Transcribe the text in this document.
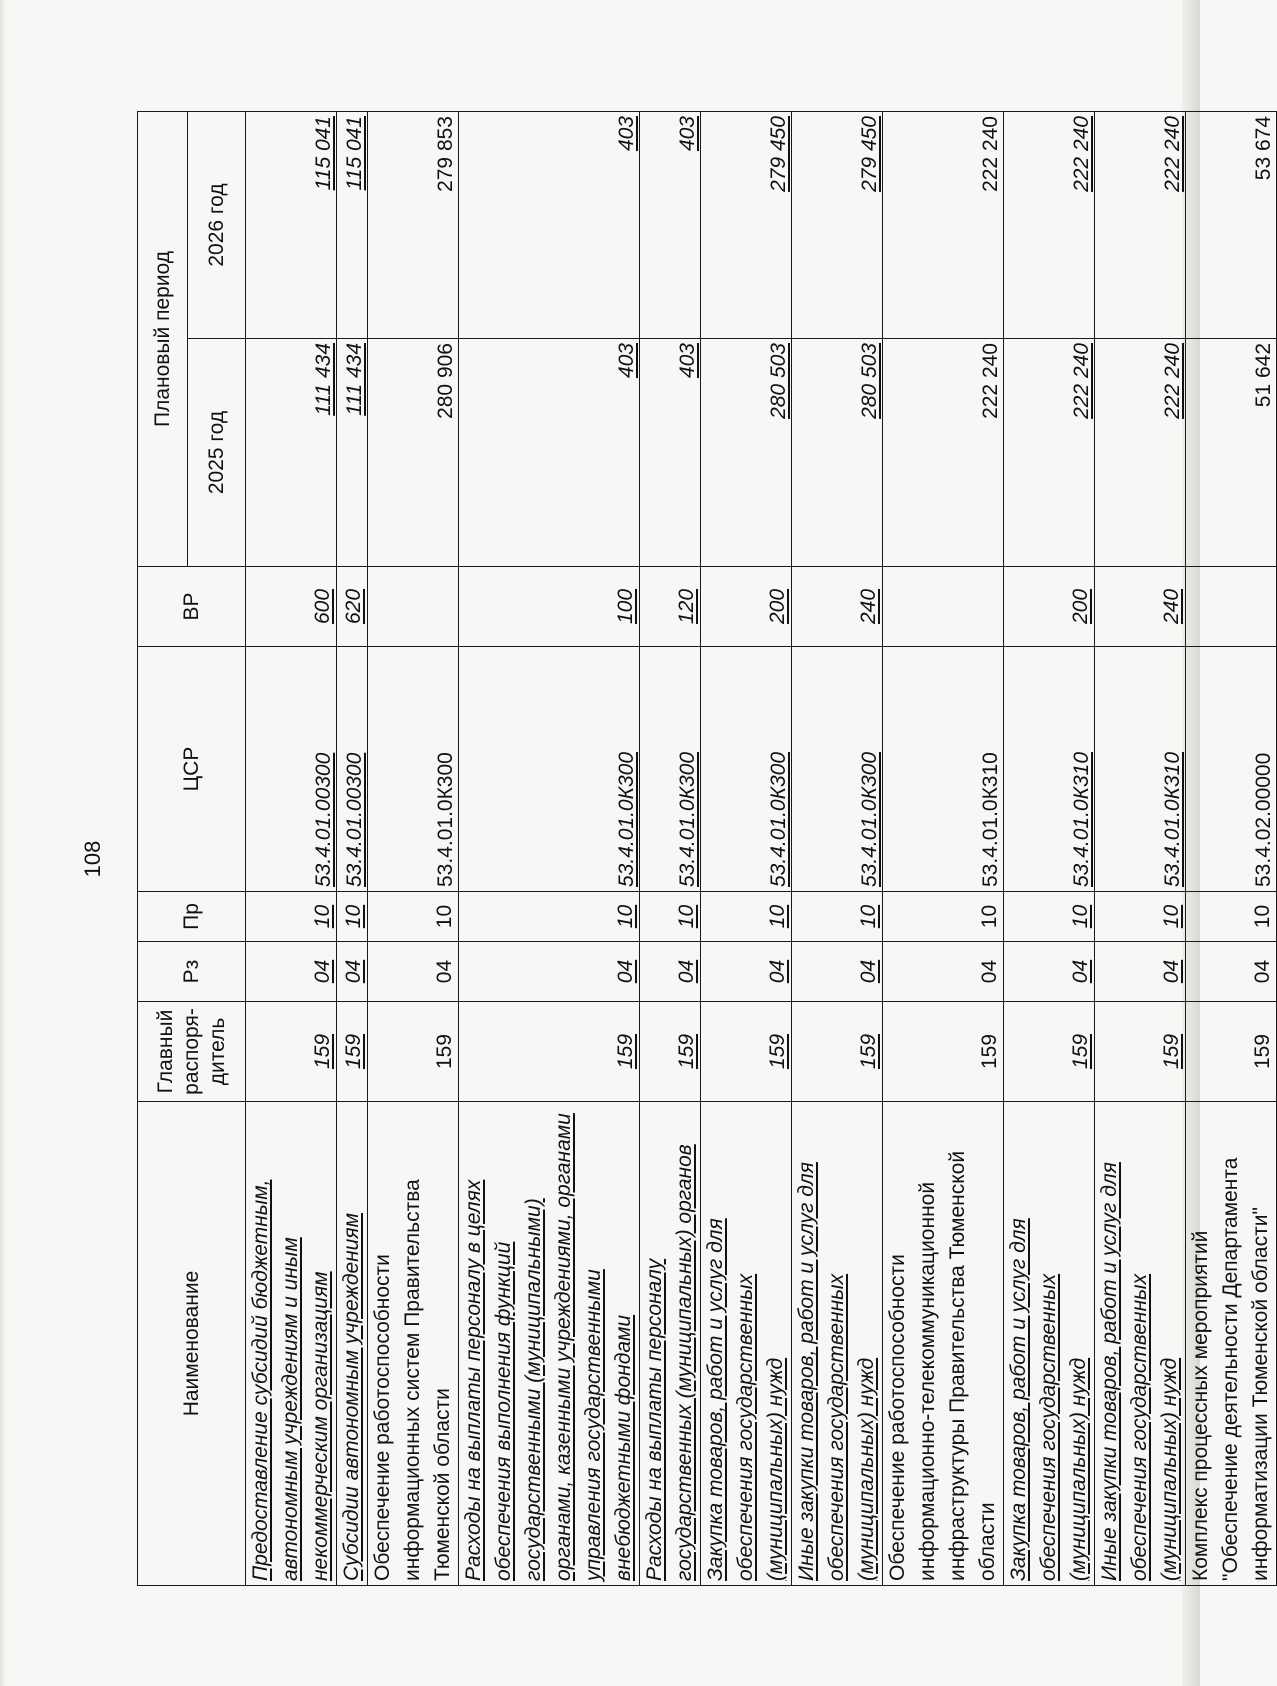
108
Наименование	Главный распоря- дитель	Рз	Пр	ЦСР	ВР	Плановый период	
						2025 год	2026 год
Предоставление субсидий бюджетным, автономным учреждениям и иным некоммерческим организациям	159	04	10	53.4.01.00300	600	111 434	115 041
Субсидии автономным учреждениям	159	04	10	53.4.01.00300	620	111 434	115 041
Обеспечение работоспособности информационных систем Правительства Тюменской области	159	04	10	53.4.01.0К300		280 906	279 853
Расходы на выплаты персоналу в целях обеспечения выполнения функций государственными (муниципальными) органами, казенными учреждениями, органами управления государственными внебюджетными фондами	159	04	10	53.4.01.0К300	100	403	403
Расходы на выплаты персоналу государственных (муниципальных) органов	159	04	10	53.4.01.0К300	120	403	403
Закупка товаров, работ и услуг для обеспечения государственных (муниципальных) нужд	159	04	10	53.4.01.0К300	200	280 503	279 450
Иные закупки товаров, работ и услуг для обеспечения государственных (муниципальных) нужд	159	04	10	53.4.01.0К300	240	280 503	279 450
Обеспечение работоспособности информационно-телекоммуникационной инфраструктуры Правительства Тюменской области	159	04	10	53.4.01.0К310		222 240	222 240
Закупка товаров, работ и услуг для обеспечения государственных (муниципальных) нужд	159	04	10	53.4.01.0К310	200	222 240	222 240
Иные закупки товаров, работ и услуг для обеспечения государственных (муниципальных) нужд	159	04	10	53.4.01.0К310	240	222 240	222 240
Комплекс процессных мероприятий "Обеспечение деятельности Департамента информатизации Тюменской области"	159	04	10	53.4.02.00000		51 642	53 674
